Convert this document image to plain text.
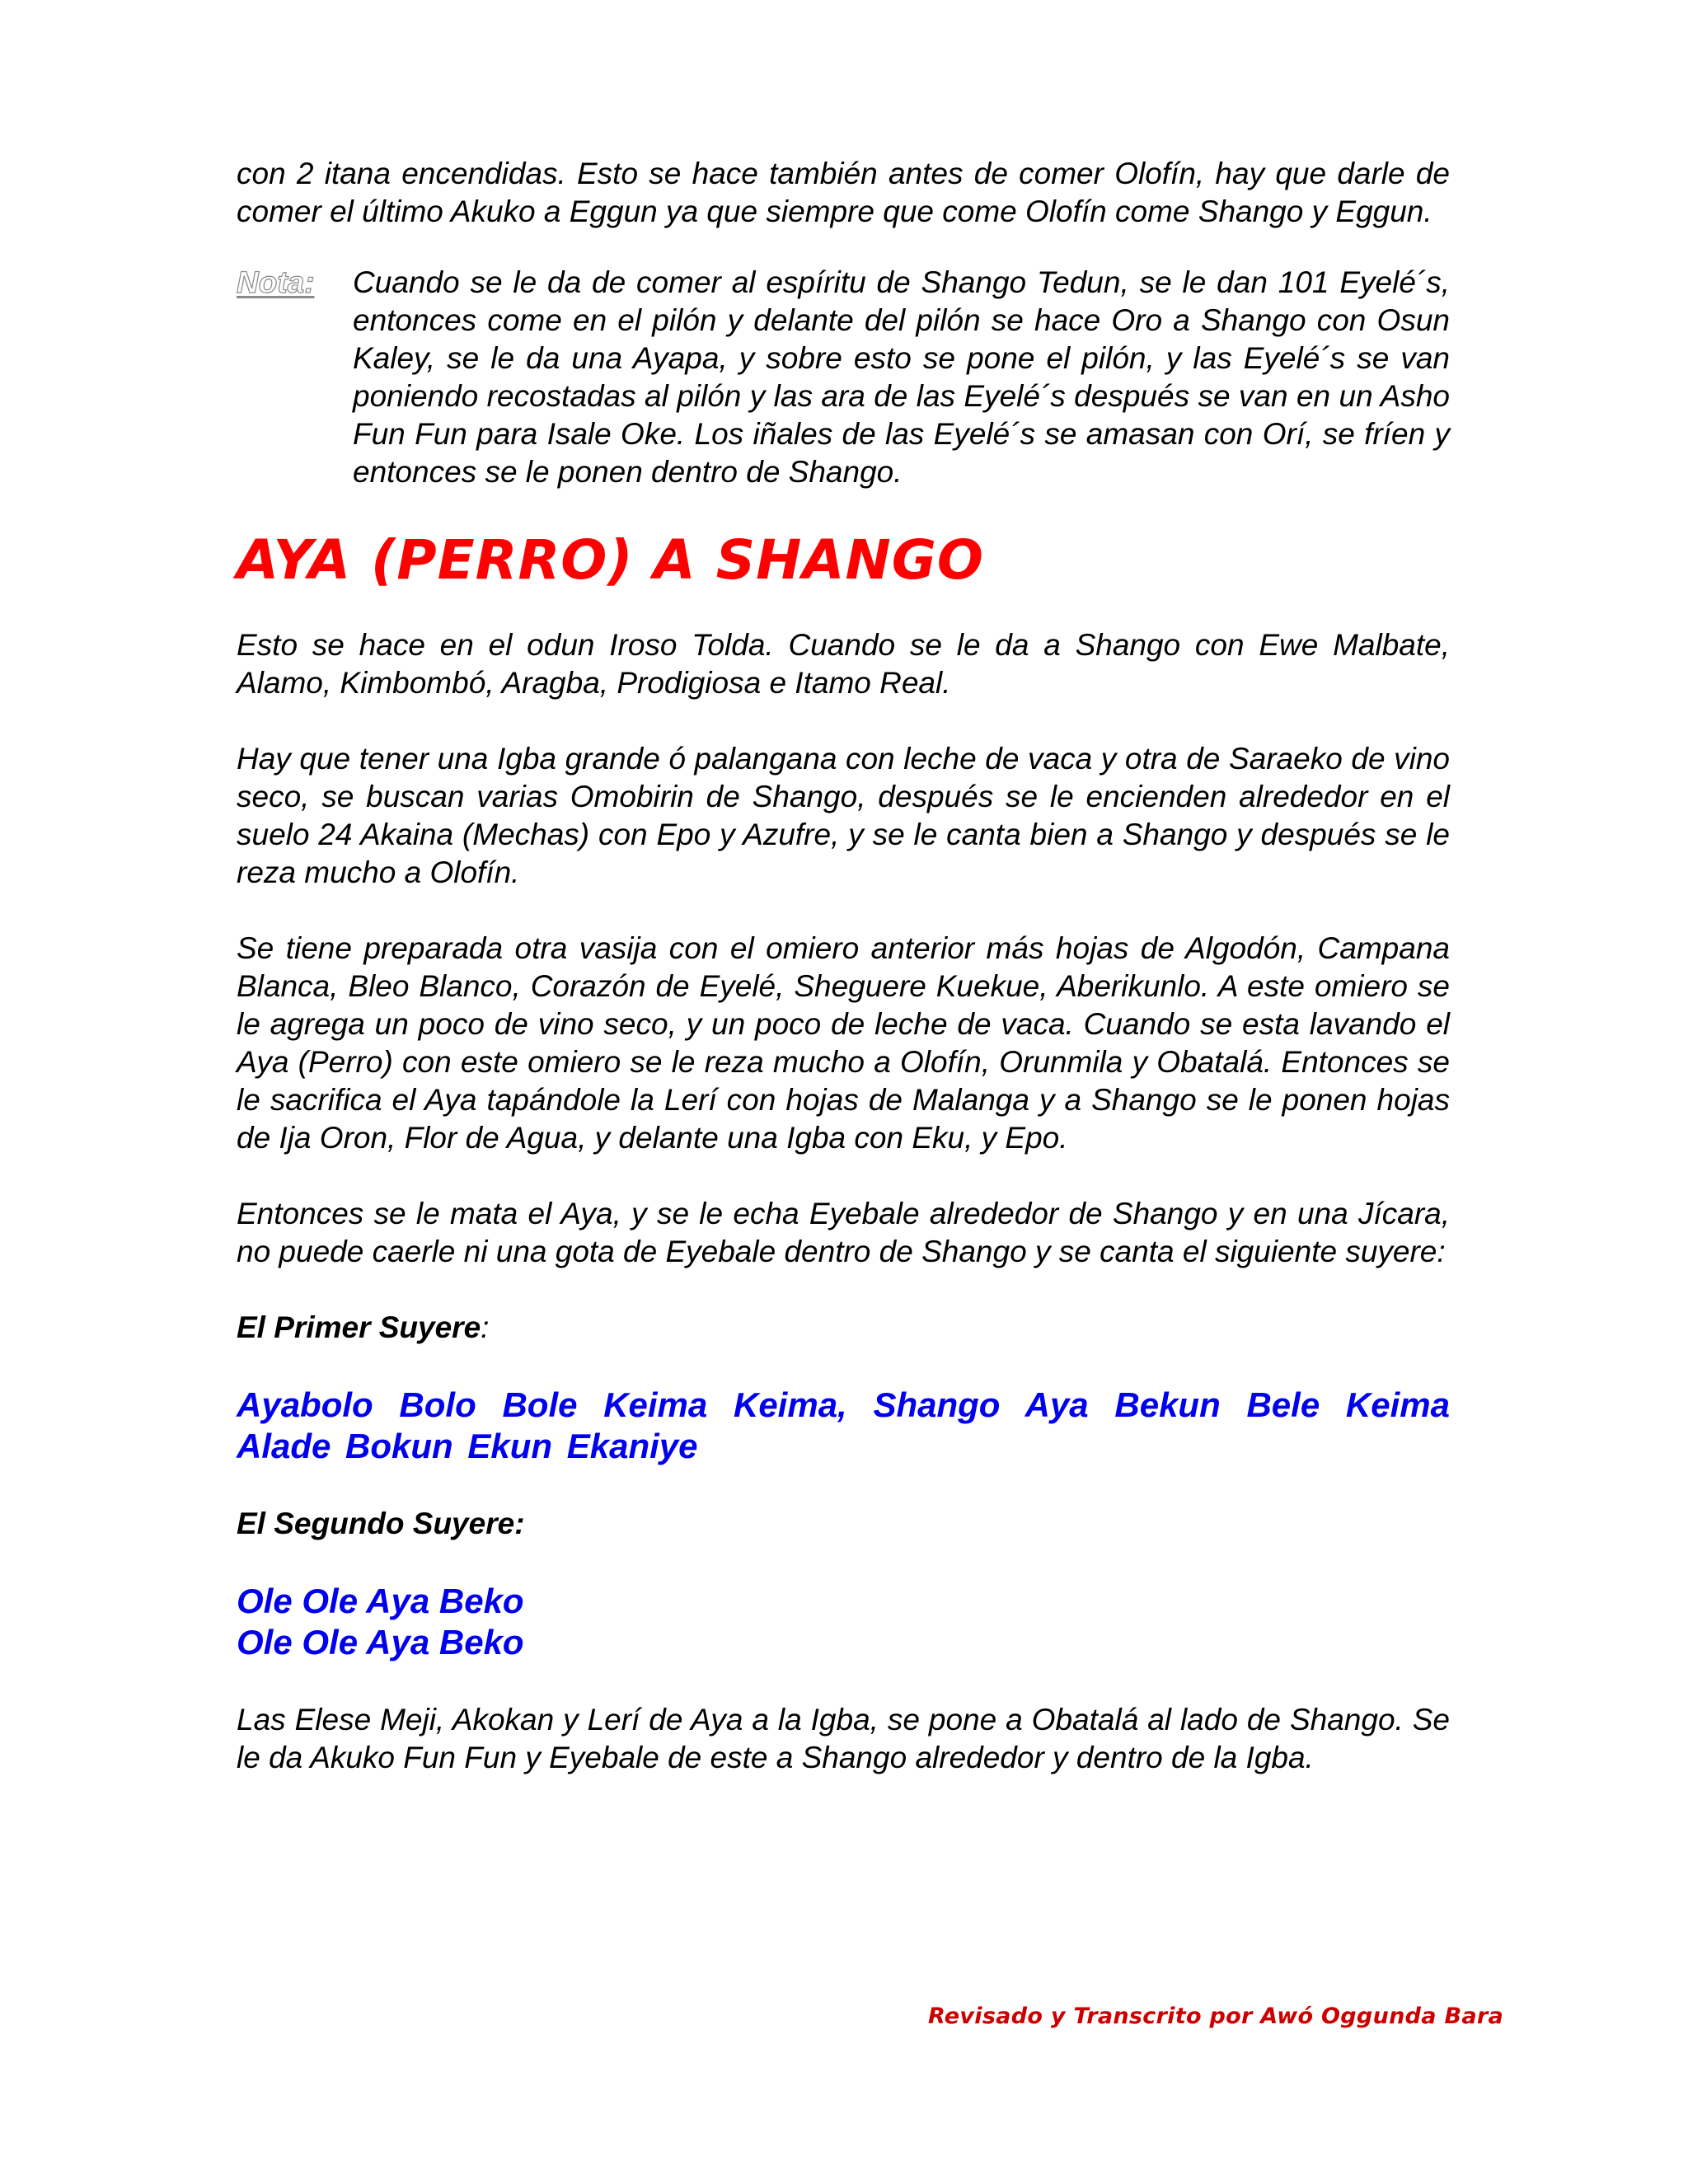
con 2 itana encendidas. Esto se hace también antes de comer Olofín, hay que darle de comer el último Akuko a Eggun ya que siempre que come Olofín come Shango y Eggun.

Nota:	Cuando se le da de comer al espíritu de Shango Tedun, se le dan 101 Eyelé´s, entonces come en el pilón y delante del pilón se hace Oro a Shango con Osun Kaley, se le da una Ayapa, y sobre esto se pone el pilón, y las Eyelé´s se van poniendo recostadas al pilón y las ara de las Eyelé´s después se van en un Asho Fun Fun para Isale Oke. Los iñales de las Eyelé´s se amasan con Orí, se fríen y entonces se le ponen dentro de Shango.

AYA (PERRO) A SHANGO

Esto se hace en el odun Iroso Tolda. Cuando se le da a Shango con Ewe Malbate, Alamo, Kimbombó, Aragba, Prodigiosa e Itamo Real.

Hay que tener una Igba grande ó palangana con leche de vaca y otra de Saraeko de vino seco, se buscan varias Omobirin de Shango, después se le encienden alrededor en el suelo 24 Akaina (Mechas) con Epo y Azufre, y se le canta bien a Shango y después se le reza mucho a Olofín.

Se tiene preparada otra vasija con el omiero anterior más hojas de Algodón, Campana Blanca, Bleo Blanco, Corazón de Eyelé, Sheguere Kuekue, Aberikunlo. A este omiero se le agrega un poco de vino seco, y un poco de leche de vaca. Cuando se esta lavando el Aya (Perro) con este omiero se le reza mucho a Olofín, Orunmila y Obatalá. Entonces se le sacrifica el Aya tapándole la Lerí con hojas de Malanga y a Shango se le ponen hojas de Ija Oron, Flor de Agua, y delante una Igba con Eku, y Epo.

Entonces se le mata el Aya, y se le echa Eyebale alrededor de Shango y en una Jícara, no puede caerle ni una gota de Eyebale dentro de Shango y se canta el siguiente suyere:

El Primer Suyere:

Ayabolo Bolo Bole Keima Keima, Shango Aya Bekun Bele Keima Alade Bokun Ekun Ekaniye

El Segundo Suyere:
Ole Ole Aya Beko
Ole Ole Aya Beko

Las Elese Meji, Akokan y Lerí de Aya a la Igba, se pone a Obatalá al lado de Shango. Se le da Akuko Fun Fun y Eyebale de este a Shango alrededor y dentro de la Igba.

Revisado y Transcrito por Awó Oggunda Bara
